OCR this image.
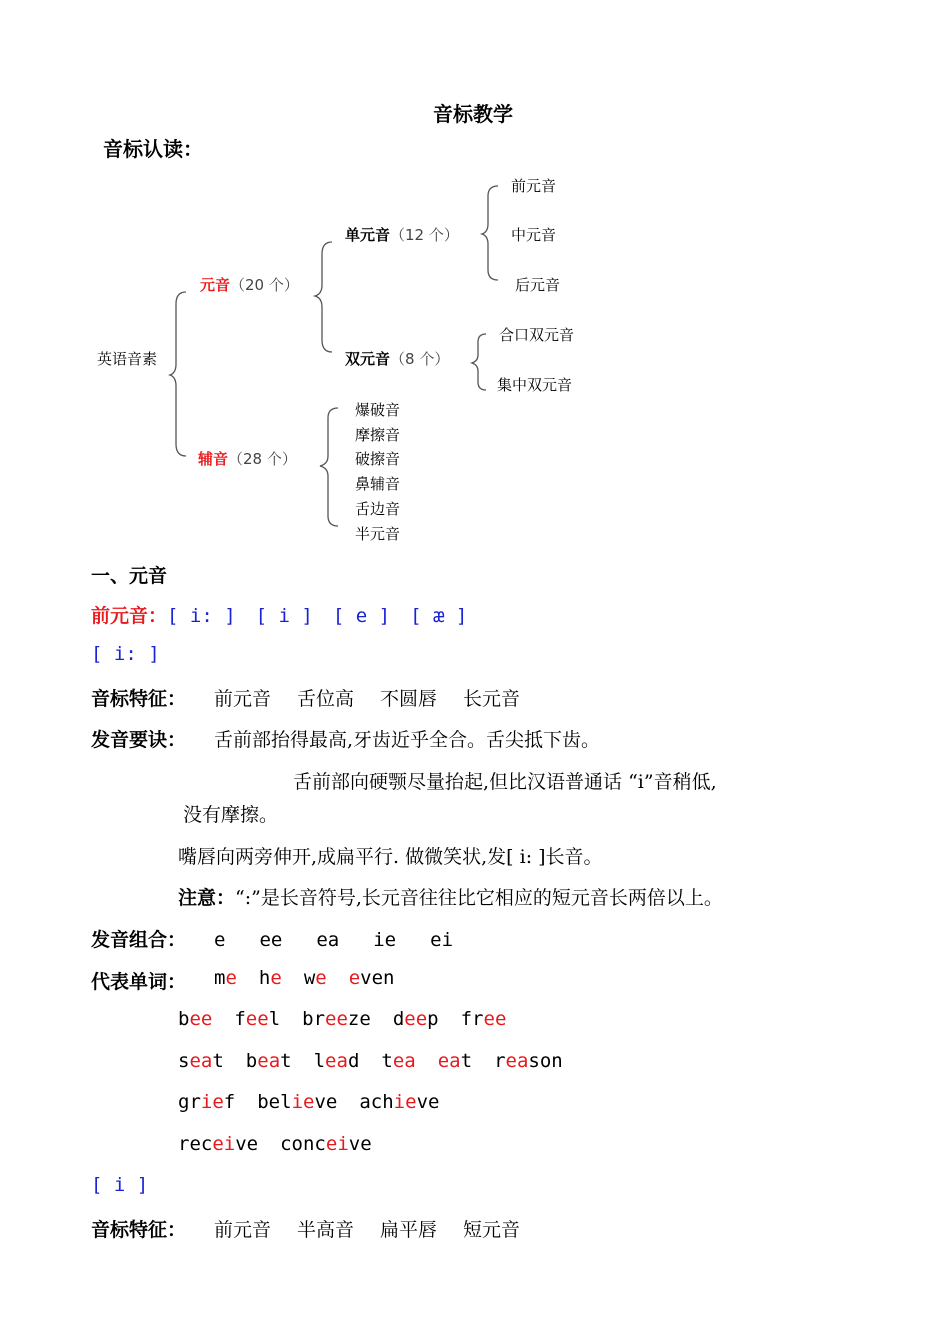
音标教学
音标认读：
英语音素
元音（20 个）
辅音（28 个）
单元音（12 个）
双元音（8 个）
前元音
中元音
后元音
合口双元音
集中双元音
爆破音
摩擦音
破擦音
鼻辅音
舌边音
半元音
一、元音
前元音：[ i: ] [ i ] [ e ] [ æ ]
[ i: ]
音标特征： 前元音 舌位高 不圆唇 长元音
发音要诀： 舌前部抬得最高,牙齿近乎全合。舌尖抵下齿。
舌前部向硬颚尽量抬起,但比汉语普通话 “i”音稍低,
没有摩擦。
嘴唇向两旁伸开,成扁平行. 做微笑状,发[ i: ]长音。
注意：“:”是长音符号,长元音往往比它相应的短元音长两倍以上。
发音组合： e ee ea ie ei
代表单词： me he we even
bee feel breeze deep free
seat beat lead tea eat reason
grief believe achieve
receive conceive
[ i ]
音标特征： 前元音 半高音 扁平唇 短元音
